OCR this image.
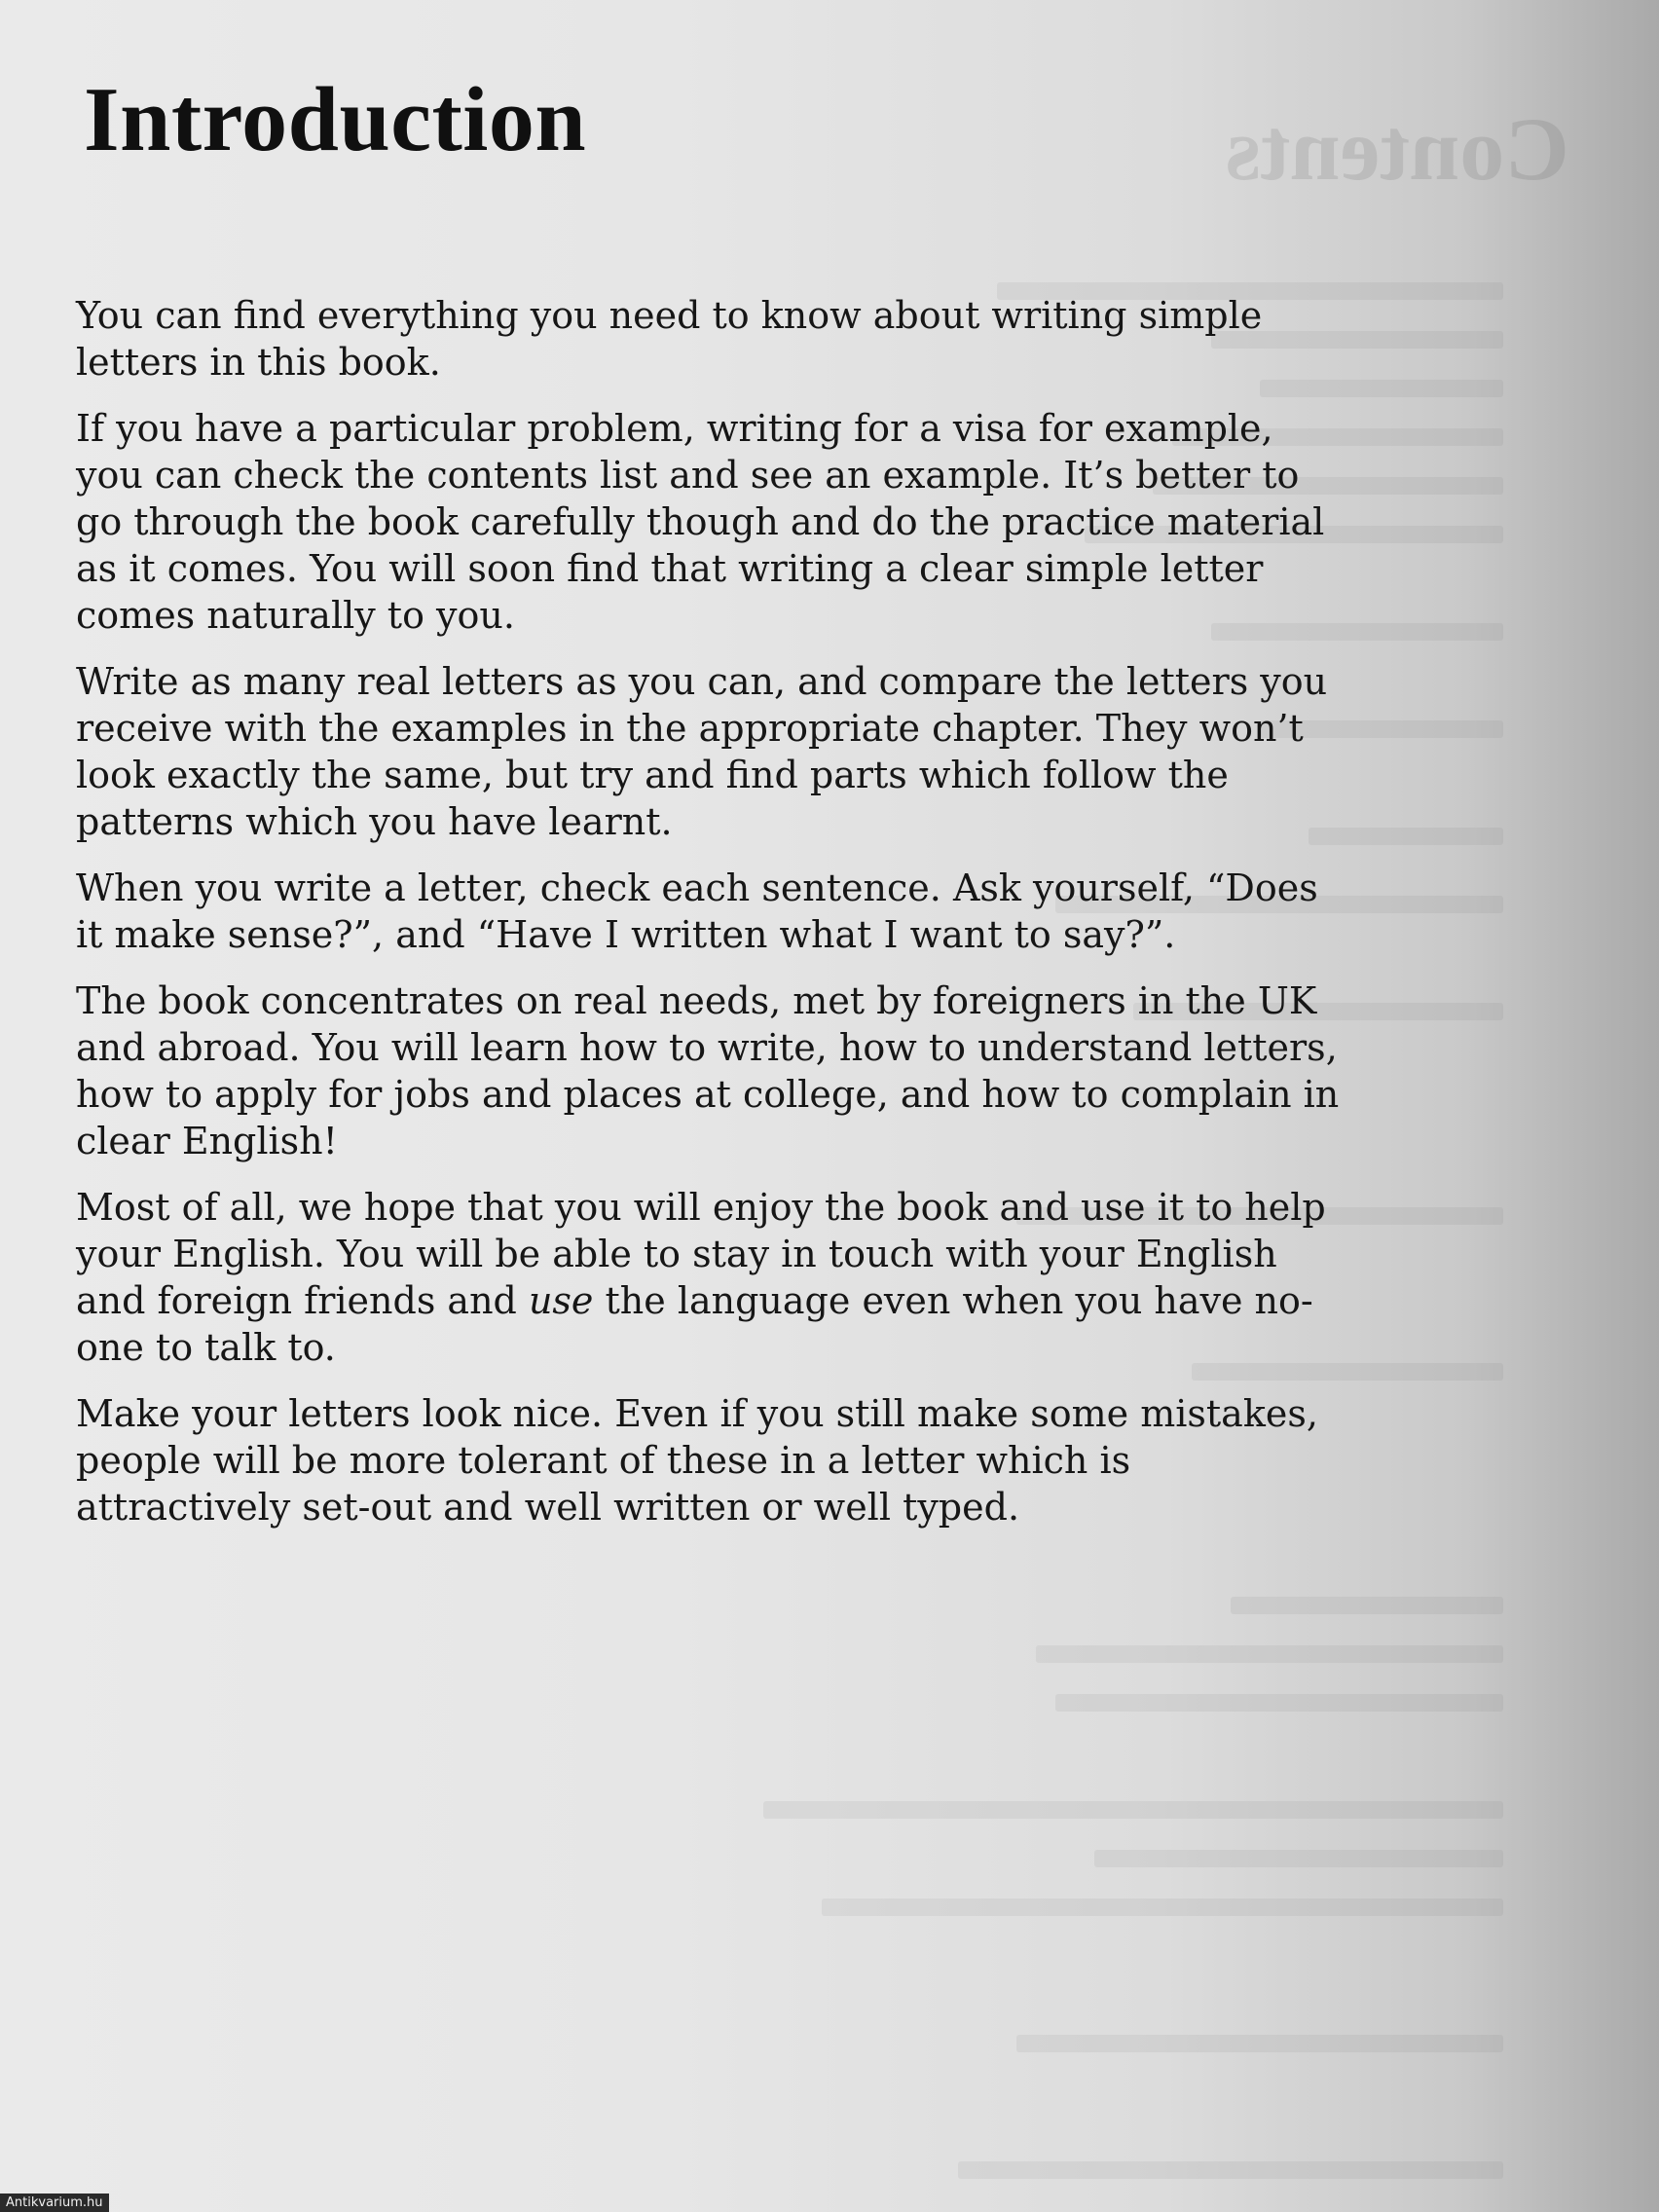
Contents
Introduction

You can find everything you need to know about writing simple letters in this book.

If you have a particular problem, writing for a visa for example, you can check the contents list and see an example. It’s better to go through the book carefully though and do the practice material as it comes. You will soon find that writing a clear simple letter comes naturally to you.

Write as many real letters as you can, and compare the letters you receive with the examples in the appropriate chapter. They won’t look exactly the same, but try and find parts which follow the patterns which you have learnt.

When you write a letter, check each sentence. Ask yourself, “Does it make sense?”, and “Have I written what I want to say?”.

The book concentrates on real needs, met by foreigners in the UK and abroad. You will learn how to write, how to understand letters, how to apply for jobs and places at college, and how to complain in clear English!

Most of all, we hope that you will enjoy the book and use it to help your English. You will be able to stay in touch with your English and foreign friends and use the language even when you have no-one to talk to.

Make your letters look nice. Even if you still make some mistakes, people will be more tolerant of these in a letter which is attractively set-out and well written or well typed.

Antikvarium.hu
